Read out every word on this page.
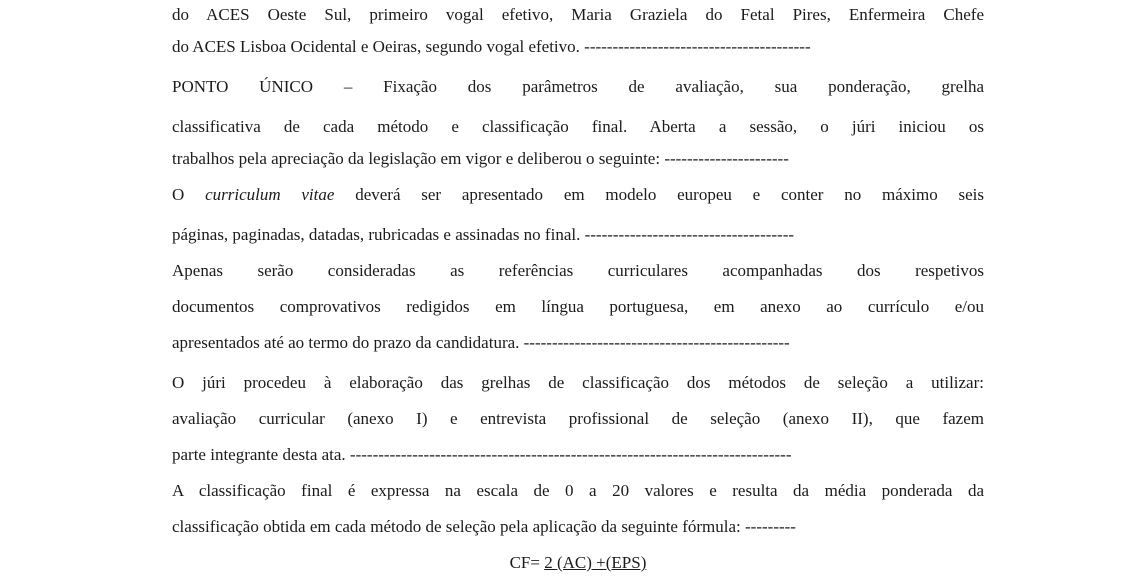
do ACES Oeste Sul, primeiro vogal efetivo, Maria Graziela do Fetal Pires, Enfermeira Chefe
do ACES Lisboa Ocidental e Oeiras, segundo vogal efetivo. ----------------------------------------
PONTO ÚNICO – Fixação dos parâmetros de avaliação, sua ponderação, grelha
classificativa de cada método e classificação final. Aberta a sessão, o júri iniciou os
trabalhos pela apreciação da legislação em vigor e deliberou o seguinte: ----------------------
O curriculum vitae deverá ser apresentado em modelo europeu e conter no máximo seis
páginas, paginadas, datadas, rubricadas e assinadas no final. -------------------------------------
Apenas serão consideradas as referências curriculares acompanhadas dos respetivos
documentos comprovativos redigidos em língua portuguesa, em anexo ao currículo e/ou
apresentados até ao termo do prazo da candidatura. -----------------------------------------------
O júri procedeu à elaboração das grelhas de classificação dos métodos de seleção a utilizar:
avaliação curricular (anexo I) e entrevista profissional de seleção (anexo II), que fazem
parte integrante desta ata. ------------------------------------------------------------------------------
A classificação final é expressa na escala de 0 a 20 valores e resulta da média ponderada da
classificação obtida em cada método de seleção pela aplicação da seguinte fórmula: ---------
CF= 2 (AC) +(EPS)
